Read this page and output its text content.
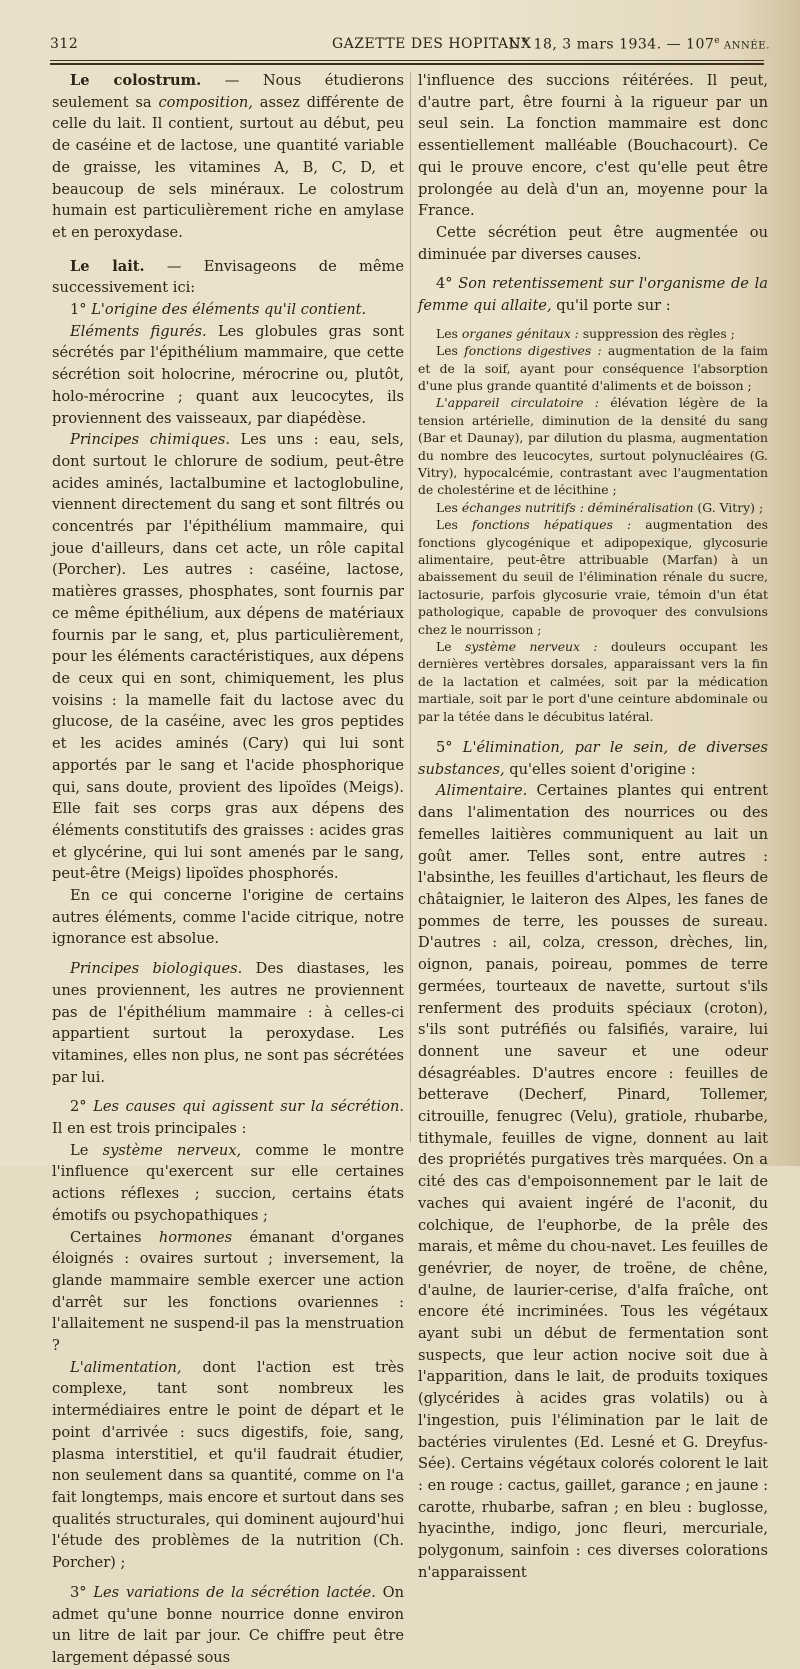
312	GAZETTE DES HOPITAUX
N° 18, 3 mars 1934. — 107e ANNÉE.

Le colostrum. — Nous étudierons seulement sa composition, assez différente de celle du lait. Il contient, surtout au début, peu de caséine et de lactose, une quantité variable de graisse, les vitamines A, B, C, D, et beaucoup de sels minéraux. Le colostrum humain est particulièrement riche en amylase et en peroxydase.

Le lait. — Envisageons de même successivement ici:

1° L'origine des éléments qu'il contient.

Eléments figurés. Les globules gras sont sécrétés par l'épithélium mammaire, que cette sécrétion soit holocrine, mérocrine ou, plutôt, holo-mérocrine ; quant aux leucocytes, ils proviennent des vaisseaux, par diapédèse.

Principes chimiques. Les uns : eau, sels, dont surtout le chlorure de sodium, peut-être acides aminés, lactalbumine et lactoglobuline, viennent directement du sang et sont filtrés ou concentrés par l'épithélium mammaire, qui joue d'ailleurs, dans cet acte, un rôle capital (Porcher). Les autres : caséine, lactose, matières grasses, phosphates, sont fournis par ce même épithélium, aux dépens de matériaux fournis par le sang, et, plus particulièrement, pour les éléments caractéristiques, aux dépens de ceux qui en sont, chimiquement, les plus voisins : la mamelle fait du lactose avec du glucose, de la caséine, avec les gros peptides et les acides aminés (Cary) qui lui sont apportés par le sang et l'acide phosphorique qui, sans doute, provient des lipoïdes (Meigs). Elle fait ses corps gras aux dépens des éléments constitutifs des graisses : acides gras et glycérine, qui lui sont amenés par le sang, peut-être (Meigs) lipoïdes phosphorés.

En ce qui concerne l'origine de certains autres éléments, comme l'acide citrique, notre ignorance est absolue.

Principes biologiques. Des diastases, les unes proviennent, les autres ne proviennent pas de l'épithélium mammaire : à celles-ci appartient surtout la peroxydase. Les vitamines, elles non plus, ne sont pas sécrétées par lui.

2° Les causes qui agissent sur la sécrétion. Il en est trois principales :

Le système nerveux, comme le montre l'influence qu'exercent sur elle certaines actions réflexes ; succion, certains états émotifs ou psychopathiques ;

Certaines hormones émanant d'organes éloignés : ovaires surtout ; inversement, la glande mammaire semble exercer une action d'arrêt sur les fonctions ovariennes : l'allaitement ne suspend-il pas la menstruation ?

L'alimentation, dont l'action est très complexe, tant sont nombreux les intermédiaires entre le point de départ et le point d'arrivée : sucs digestifs, foie, sang, plasma interstitiel, et qu'il faudrait étudier, non seulement dans sa quantité, comme on l'a fait longtemps, mais encore et surtout dans ses qualités structurales, qui dominent aujourd'hui l'étude des problèmes de la nutrition (Ch. Porcher) ;

3° Les variations de la sécrétion lactée. On admet qu'une bonne nourrice donne environ un litre de lait par jour. Ce chiffre peut être largement dépassé sous

l'influence des succions réitérées. Il peut, d'autre part, être fourni à la rigueur par un seul sein. La fonction mammaire est donc essentiellement malléable (Bouchacourt). Ce qui le prouve encore, c'est qu'elle peut être prolongée au delà d'un an, moyenne pour la France.

Cette sécrétion peut être augmentée ou diminuée par diverses causes.

4° Son retentissement sur l'organisme de la femme qui allaite, qu'il porte sur :

Les organes génitaux : suppression des règles ;

Les fonctions digestives : augmentation de la faim et de la soif, ayant pour conséquence l'absorption d'une plus grande quantité d'aliments et de boisson ;

L'appareil circulatoire : élévation légère de la tension artérielle, diminution de la densité du sang (Bar et Daunay), par dilution du plasma, augmentation du nombre des leucocytes, surtout polynucléaires (G. Vitry), hypocalcémie, contrastant avec l'augmentation de cholestérine et de lécithine ;

Les échanges nutritifs : déminéralisation (G. Vitry) ;

Les fonctions hépatiques : augmentation des fonctions glycogénique et adipopexique, glycosurie alimentaire, peut-être attribuable (Marfan) à un abaissement du seuil de l'élimination rénale du sucre, lactosurie, parfois glycosurie vraie, témoin d'un état pathologique, capable de provoquer des convulsions chez le nourrisson ;

Le système nerveux : douleurs occupant les dernières vertèbres dorsales, apparaissant vers la fin de la lactation et calmées, soit par la médication martiale, soit par le port d'une ceinture abdominale ou par la tétée dans le décubitus latéral.

5° L'élimination, par le sein, de diverses substances, qu'elles soient d'origine :

Alimentaire. Certaines plantes qui entrent dans l'alimentation des nourrices ou des femelles laitières communiquent au lait un goût amer. Telles sont, entre autres : l'absinthe, les feuilles d'artichaut, les fleurs de châtaignier, le laiteron des Alpes, les fanes de pommes de terre, les pousses de sureau. D'autres : ail, colza, cresson, drèches, lin, oignon, panais, poireau, pommes de terre germées, tourteaux de navette, surtout s'ils renferment des produits spéciaux (croton), s'ils sont putréfiés ou falsifiés, varaire, lui donnent une saveur et une odeur désagréables. D'autres encore : feuilles de betterave (Decherf, Pinard, Tollemer, citrouille, fenugrec (Velu), gratiole, rhubarbe, tithymale, feuilles de vigne, donnent au lait des propriétés purgatives très marquées. On a cité des cas d'empoisonnement par le lait de vaches qui avaient ingéré de l'aconit, du colchique, de l'euphorbe, de la prêle des marais, et même du chou-navet. Les feuilles de genévrier, de noyer, de troëne, de chêne, d'aulne, de laurier-cerise, d'alfa fraîche, ont encore été incriminées. Tous les végétaux ayant subi un début de fermentation sont suspects, que leur action nocive soit due à l'apparition, dans le lait, de produits toxiques (glycérides à acides gras volatils) ou à l'ingestion, puis l'élimination par le lait de bactéries virulentes (Ed. Lesné et G. Dreyfus-Sée). Certains végétaux colorés colorent le lait : en rouge : cactus, gaillet, garance ; en jaune : carotte, rhubarbe, safran ; en bleu : buglosse, hyacinthe, indigo, jonc fleuri, mercuriale, polygonum, sainfoin : ces diverses colorations n'apparaissent
